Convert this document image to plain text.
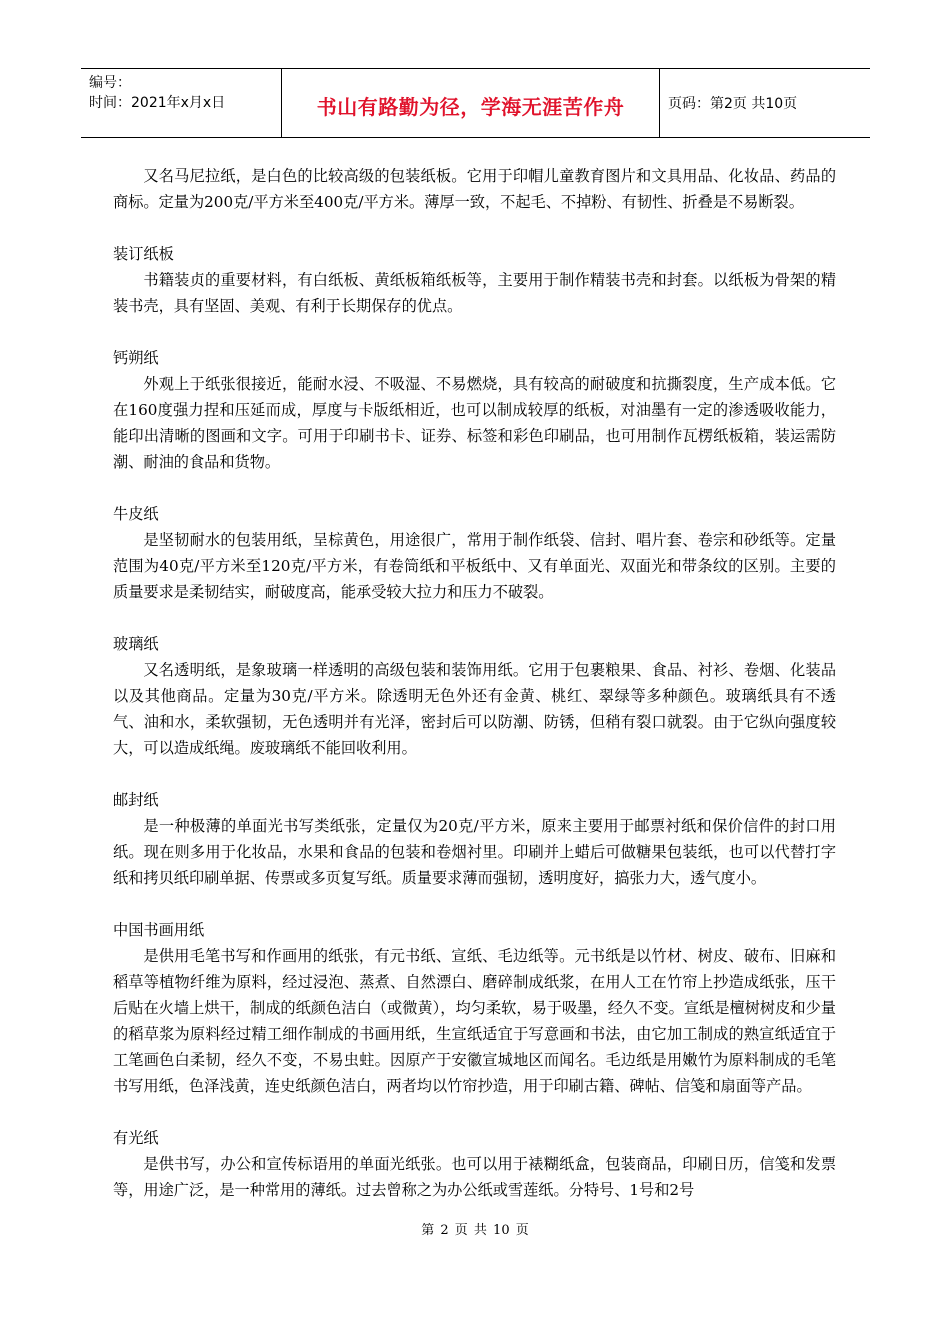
编号：
时间：2021年x月x日	书山有路勤为径，学海无涯苦作舟	页码：第2页 共10页

又名马尼拉纸，是白色的比较高级的包装纸板。它用于印帽儿童教育图片和文具用品、化妆品、药品的商标。定量为200克/平方米至400克/平方米。薄厚一致，不起毛、不掉粉、有韧性、折叠是不易断裂。

装订纸板

书籍装贞的重要材料，有白纸板、黄纸板箱纸板等，主要用于制作精装书壳和封套。以纸板为骨架的精装书壳，具有坚固、美观、有利于长期保存的优点。

钙朔纸

外观上于纸张很接近，能耐水浸、不吸湿、不易燃烧，具有较高的耐破度和抗撕裂度，生产成本低。它在160度强力捏和压延而成，厚度与卡版纸相近，也可以制成较厚的纸板，对油墨有一定的渗透吸收能力，能印出清晰的图画和文字。可用于印刷书卡、证券、标签和彩色印刷品，也可用制作瓦楞纸板箱，装运需防潮、耐油的食品和货物。

牛皮纸

是坚韧耐水的包装用纸，呈棕黄色，用途很广，常用于制作纸袋、信封、唱片套、卷宗和砂纸等。定量范围为40克/平方米至120克/平方米，有卷筒纸和平板纸中、又有单面光、双面光和带条纹的区别。主要的质量要求是柔韧结实，耐破度高，能承受较大拉力和压力不破裂。

玻璃纸

又名透明纸，是象玻璃一样透明的高级包装和装饰用纸。它用于包裹粮果、食品、衬衫、卷烟、化装品以及其他商品。定量为30克/平方米。除透明无色外还有金黄、桃红、翠绿等多种颜色。玻璃纸具有不透气、油和水，柔软强韧，无色透明并有光泽，密封后可以防潮、防锈，但稍有裂口就裂。由于它纵向强度较大，可以造成纸绳。废玻璃纸不能回收利用。

邮封纸

是一种极薄的单面光书写类纸张，定量仅为20克/平方米，原来主要用于邮票衬纸和保价信件的封口用纸。现在则多用于化妆品，水果和食品的包装和卷烟衬里。印刷并上蜡后可做糖果包装纸，也可以代替打字纸和拷贝纸印刷单据、传票或多页复写纸。质量要求薄而强韧，透明度好，搞张力大，透气度小。

中国书画用纸

是供用毛笔书写和作画用的纸张，有元书纸、宣纸、毛边纸等。元书纸是以竹材、树皮、破布、旧麻和稻草等植物纤维为原料，经过浸泡、蒸煮、自然漂白、磨碎制成纸浆，在用人工在竹帘上抄造成纸张，压干后贴在火墙上烘干，制成的纸颜色洁白（或微黄），均匀柔软，易于吸墨，经久不变。宣纸是檀树树皮和少量的稻草浆为原料经过精工细作制成的书画用纸，生宣纸适宜于写意画和书法，由它加工制成的熟宣纸适宜于工笔画色白柔韧，经久不变，不易虫蛀。因原产于安徽宣城地区而闻名。毛边纸是用嫩竹为原料制成的毛笔书写用纸，色泽浅黄，连史纸颜色洁白，两者均以竹帘抄造，用于印刷古籍、碑帖、信笺和扇面等产品。

有光纸

是供书写，办公和宣传标语用的单面光纸张。也可以用于裱糊纸盒，包装商品，印刷日历，信笺和发票等，用途广泛，是一种常用的薄纸。过去曾称之为办公纸或雪莲纸。分特号、1号和2号

第 2 页 共 10 页
